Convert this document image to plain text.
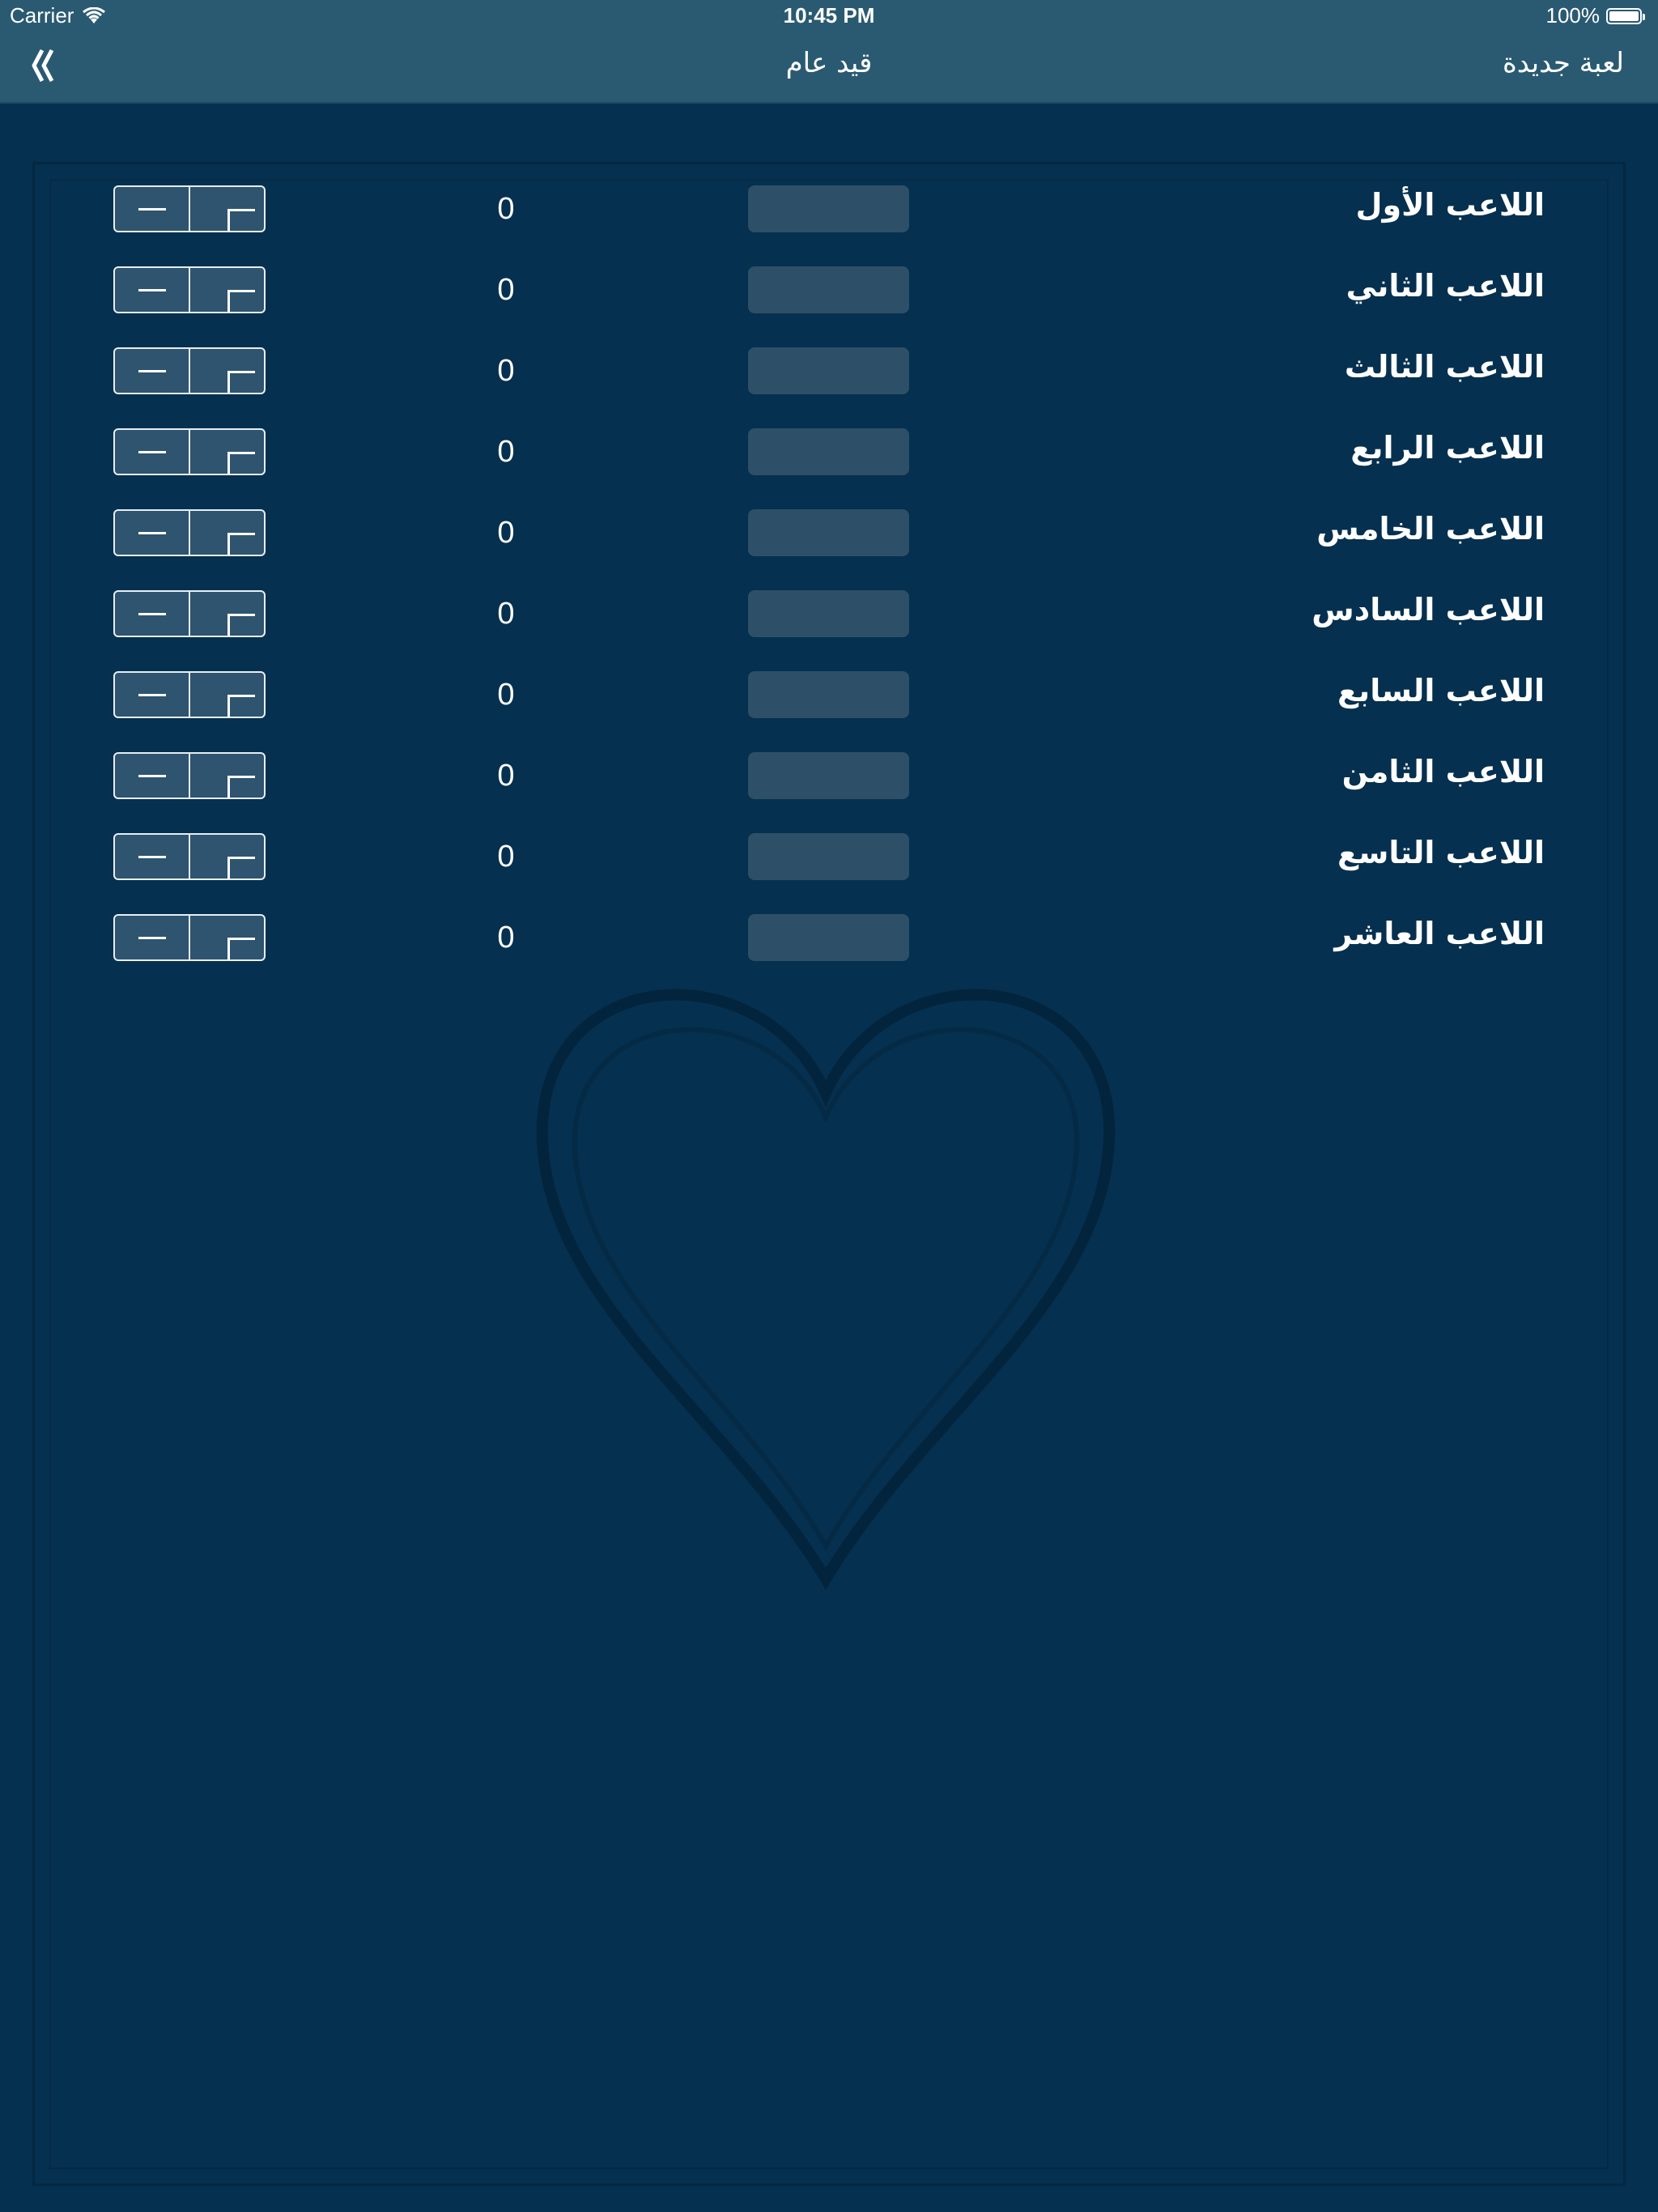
Carrier	10:45 PM	100%
قيد عام	لعبة جديدة
0	اللاعب الأول
0	اللاعب الثاني
0	اللاعب الثالث
0	اللاعب الرابع
0	اللاعب الخامس
0	اللاعب السادس
0	اللاعب السابع
0	اللاعب الثامن
0	اللاعب التاسع
0	اللاعب العاشر
